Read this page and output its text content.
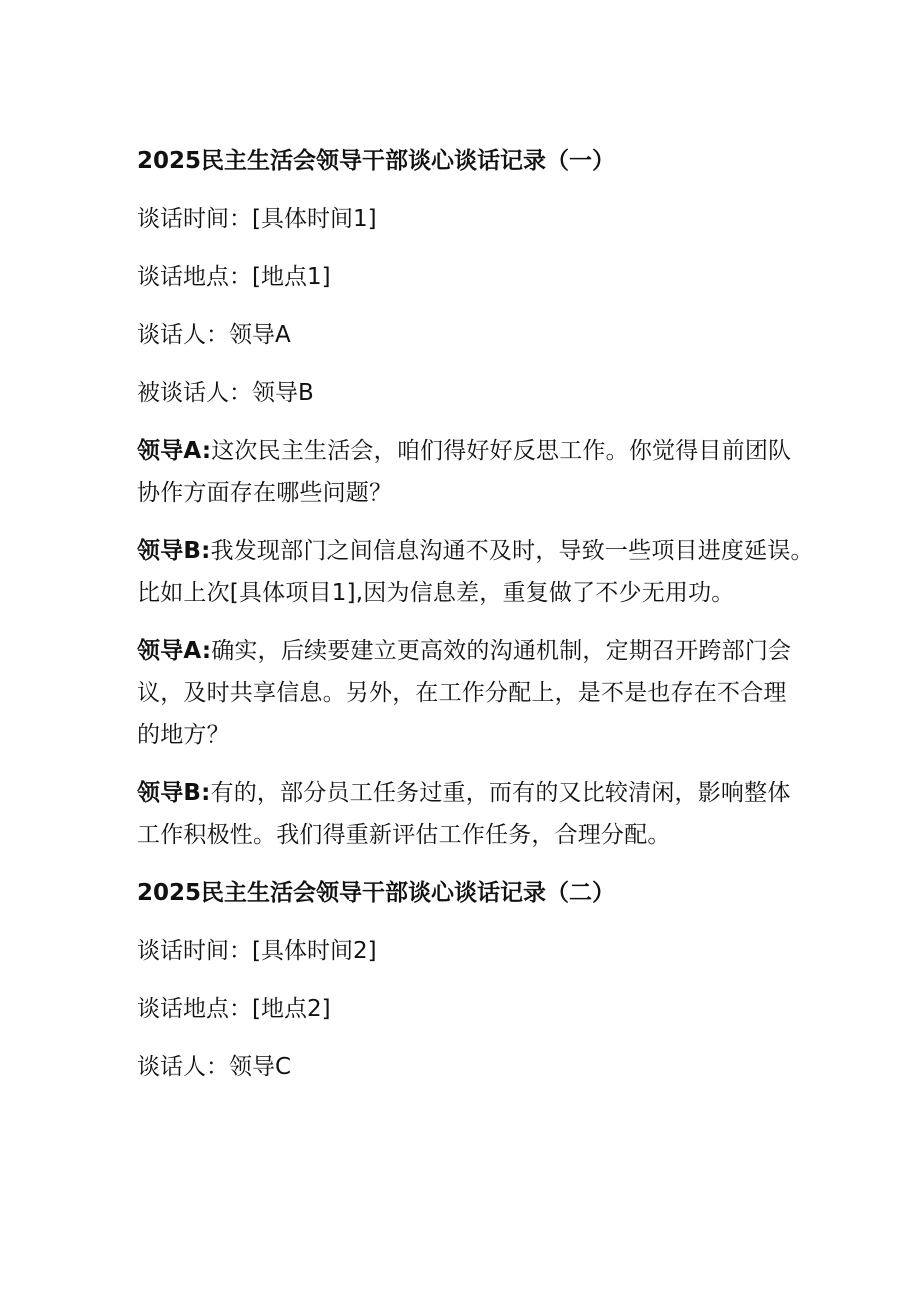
2025民主生活会领导干部谈心谈话记录（一）

谈话时间：[具体时间1]

谈话地点：[地点1]

谈话人：领导A

被谈话人：领导B

领导A:这次民主生活会，咱们得好好反思工作。你觉得目前团队
协作方面存在哪些问题？
领导B:我发现部门之间信息沟通不及时，导致一些项目进度延误。
比如上次[具体项目1],因为信息差，重复做了不少无用功。
领导A:确实，后续要建立更高效的沟通机制，定期召开跨部门会
议，及时共享信息。另外，在工作分配上，是不是也存在不合理
的地方？
领导B:有的，部分员工任务过重，而有的又比较清闲，影响整体
工作积极性。我们得重新评估工作任务，合理分配。

2025民主生活会领导干部谈心谈话记录（二）

谈话时间：[具体时间2]

谈话地点：[地点2]

谈话人：领导C
